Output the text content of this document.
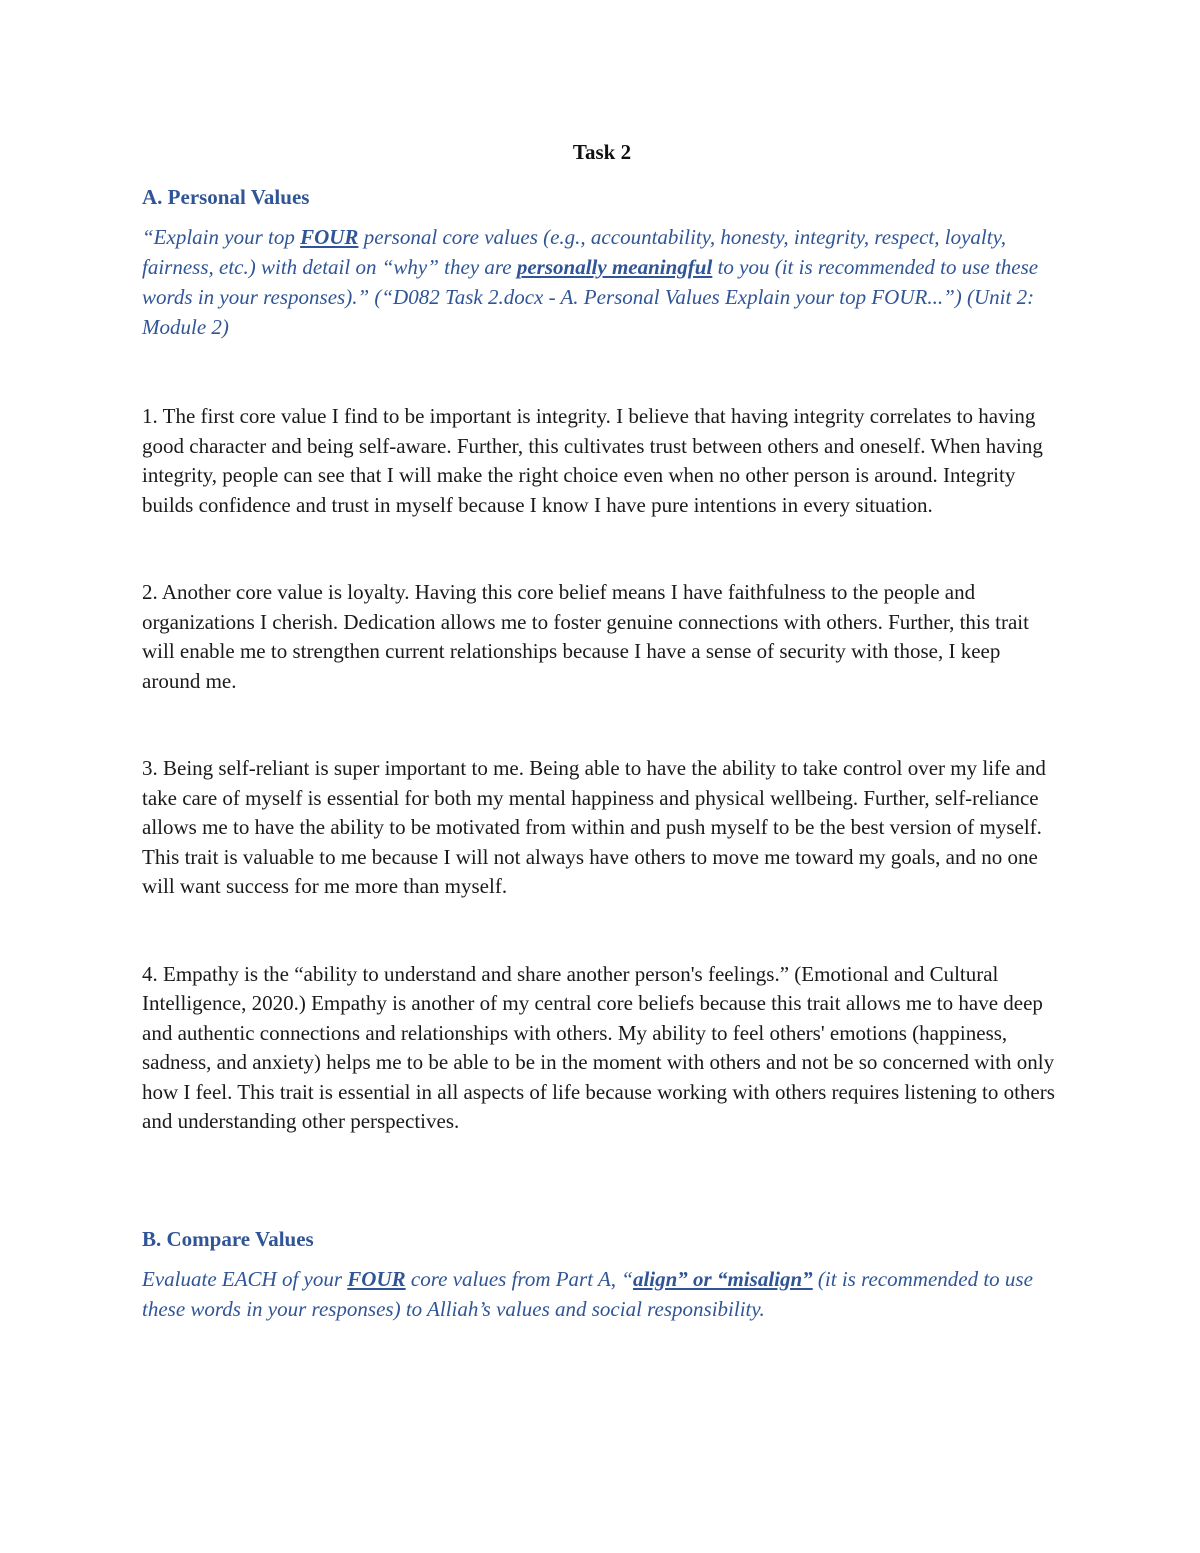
Task 2

A. Personal Values

“Explain your top FOUR personal core values (e.g., accountability, honesty, integrity, respect, loyalty, fairness, etc.) with detail on “why” they are personally meaningful to you (it is recommended to use these words in your responses).” (“D082 Task 2.docx - A. Personal Values Explain your top FOUR...”) (Unit 2: Module 2)

1. The first core value I find to be important is integrity. I believe that having integrity correlates to having good character and being self-aware. Further, this cultivates trust between others and oneself. When having integrity, people can see that I will make the right choice even when no other person is around. Integrity builds confidence and trust in myself because I know I have pure intentions in every situation.

2. Another core value is loyalty. Having this core belief means I have faithfulness to the people and organizations I cherish. Dedication allows me to foster genuine connections with others. Further, this trait will enable me to strengthen current relationships because I have a sense of security with those, I keep around me.

3. Being self-reliant is super important to me. Being able to have the ability to take control over my life and take care of myself is essential for both my mental happiness and physical wellbeing. Further, self-reliance allows me to have the ability to be motivated from within and push myself to be the best version of myself. This trait is valuable to me because I will not always have others to move me toward my goals, and no one will want success for me more than myself.

4. Empathy is the “ability to understand and share another person's feelings.” (Emotional and Cultural Intelligence, 2020.) Empathy is another of my central core beliefs because this trait allows me to have deep and authentic connections and relationships with others. My ability to feel others' emotions (happiness, sadness, and anxiety) helps me to be able to be in the moment with others and not be so concerned with only how I feel. This trait is essential in all aspects of life because working with others requires listening to others and understanding other perspectives.

B. Compare Values

Evaluate EACH of your FOUR core values from Part A, “align” or “misalign” (it is recommended to use these words in your responses) to Alliah’s values and social responsibility.
